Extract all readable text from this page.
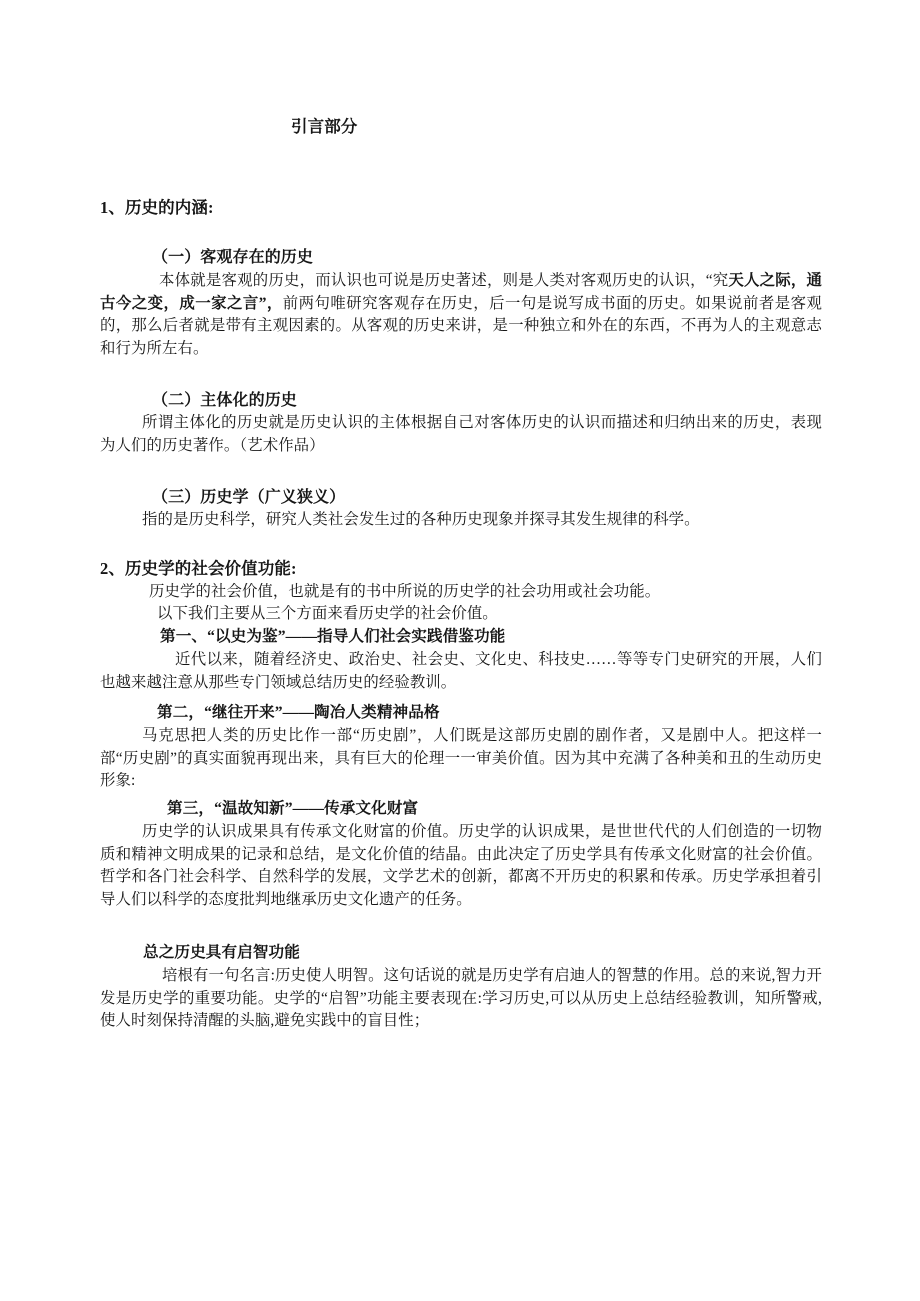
引言部分
1、历史的内涵:
（一）客观存在的历史
本体就是客观的历史，而认识也可说是历史著述，则是人类对客观历史的认识，“究天人之际，通古今之变，成一家之言”，前两句唯研究客观存在历史，后一句是说写成书面的历史。如果说前者是客观的，那么后者就是带有主观因素的。从客观的历史来讲，是一种独立和外在的东西，不再为人的主观意志和行为所左右。
（二）主体化的历史
所谓主体化的历史就是历史认识的主体根据自己对客体历史的认识而描述和归纳出来的历史，表现为人们的历史著作。（艺术作品）
（三）历史学（广义狭义）
指的是历史科学，研究人类社会发生过的各种历史现象并探寻其发生规律的科学。
2、历史学的社会价值功能:
历史学的社会价值，也就是有的书中所说的历史学的社会功用或社会功能。
以下我们主要从三个方面来看历史学的社会价值。
第一、“以史为鉴”——指导人们社会实践借鉴功能
近代以来，随着经济史、政治史、社会史、文化史、科技史……等等专门史研究的开展，人们也越来越注意从那些专门领域总结历史的经验教训。
第二，“继往开来”——陶冶人类精神品格
马克思把人类的历史比作一部“历史剧”，人们既是这部历史剧的剧作者，又是剧中人。把这样一部“历史剧”的真实面貌再现出来，具有巨大的伦理一一审美价值。因为其中充满了各种美和丑的生动历史形象:
第三，“温故知新”——传承文化财富
历史学的认识成果具有传承文化财富的价值。历史学的认识成果，是世世代代的人们创造的一切物质和精神文明成果的记录和总结，是文化价值的结晶。由此决定了历史学具有传承文化财富的社会价值。哲学和各门社会科学、自然科学的发展，文学艺术的创新，都离不开历史的积累和传承。历史学承担着引导人们以科学的态度批判地继承历史文化遗产的任务。
总之历史具有启智功能
培根有一句名言:历史使人明智。这句话说的就是历史学有启迪人的智慧的作用。总的来说,智力开发是历史学的重要功能。史学的“启智”功能主要表现在:学习历史,可以从历史上总结经验教训，知所警戒,使人时刻保持清醒的头脑,避免实践中的盲目性；
